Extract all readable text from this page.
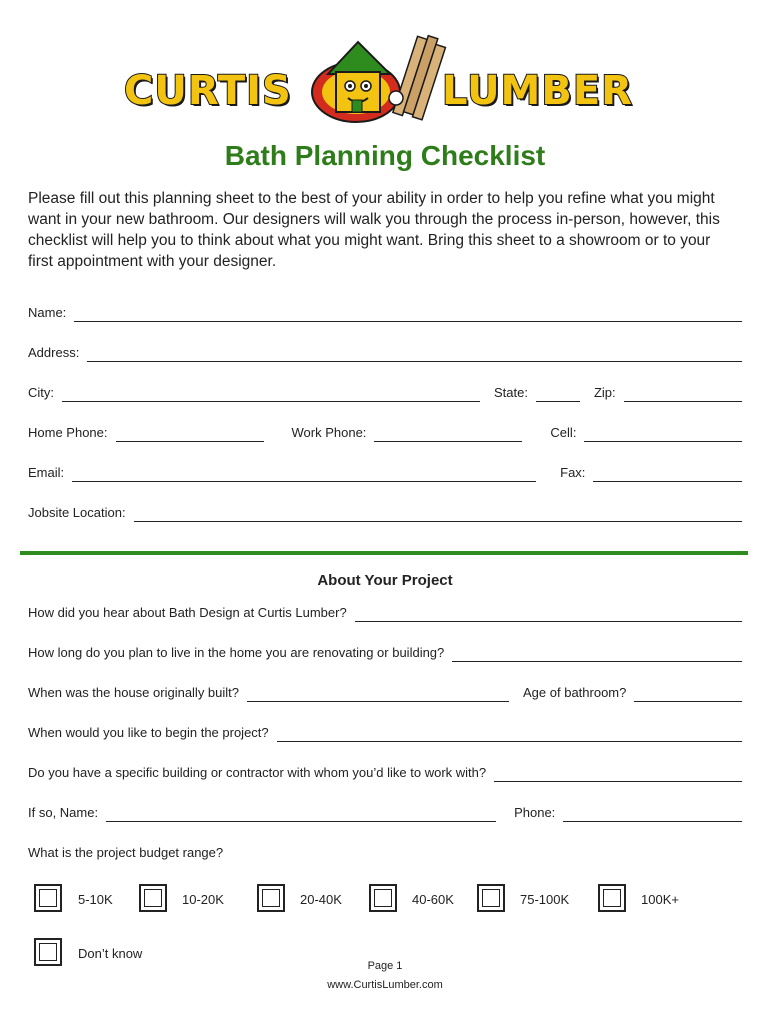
CURTIS	LUMBER
Bath Planning Checklist

Please fill out this planning sheet to the best of your ability in order to help you refine what you might want in your new bathroom. Our designers will walk you through the process in-person, however, this checklist will help you to think about what you might want. Bring this sheet to a showroom or to your first appointment with your designer.

Name:
Address:
City:	State:	Zip:
Home Phone:	Work Phone:	Cell:
Email:	Fax:
Jobsite Location:
About Your Project
How did you hear about Bath Design at Curtis Lumber?
How long do you plan to live in the home you are renovating or building?
When was the house originally built?	Age of bathroom?
When would you like to begin the project?
Do you have a specific building or contractor with whom you’d like to work with?
If so, Name:	Phone:
What is the project budget range?
5-10K	10-20K	20-40K	40-60K	75-100K	100K+
Don’t know
Page 1
www.CurtisLumber.com
